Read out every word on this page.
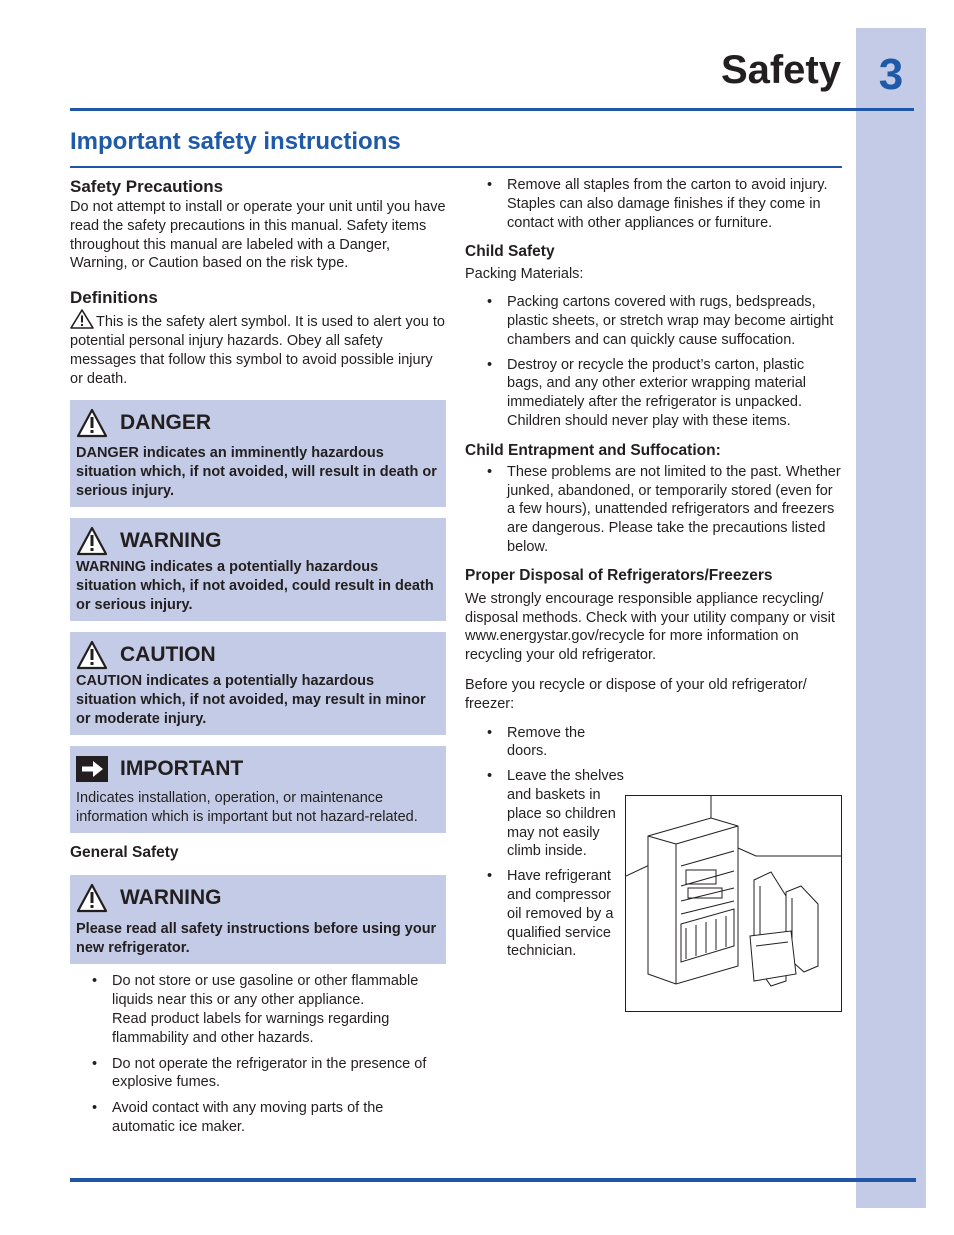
3
Safety
Important safety instructions
Safety Precautions

Do not attempt to install or operate your unit until you have read the safety precautions in this manual. Safety items throughout this manual are labeled with a Danger, Warning, or Caution based on the risk type.

Definitions

This is the safety alert symbol. It is used to alert you to potential personal injury hazards. Obey all safety messages that follow this symbol to avoid possible injury or death.

DANGER
DANGER indicates an imminently hazardous situation which, if not avoided, will result in death or serious injury.
WARNING
WARNING indicates a potentially hazardous situation which, if not avoided, could result in death or serious injury.
CAUTION
CAUTION indicates a potentially hazardous situation which, if not avoided, may result in minor or moderate injury.
IMPORTANT
Indicates installation, operation, or maintenance information which is important but not hazard-related.
General Safety
WARNING
Please read all safety instructions before using your new refrigerator.
• Do not store or use gasoline or other flammable liquids near this or any other appliance.
Read product labels for warnings regarding flammability and other hazards.
• Do not operate the refrigerator in the presence of explosive fumes.
• Avoid contact with any moving parts of the automatic ice maker.
• Remove all staples from the carton to avoid injury. Staples can also damage finishes if they come in contact with other appliances or furniture.
Child Safety

Packing Materials:

• Packing cartons covered with rugs, bedspreads, plastic sheets, or stretch wrap may become airtight chambers and can quickly cause suffocation.
• Destroy or recycle the product’s carton, plastic bags, and any other exterior wrapping material immediately after the refrigerator is unpacked. Children should never play with these items.
Child Entrapment and Suffocation:
• These problems are not limited to the past. Whether junked, abandoned, or temporarily stored (even for a few hours), unattended refrigerators and freezers are dangerous. Please take the precautions listed below.
Proper Disposal of Refrigerators/Freezers

We strongly encourage responsible appliance recycling/ disposal methods. Check with your utility company or visit www.energystar.gov/recycle for more information on recycling your old refrigerator.

Before you recycle or dispose of your old refrigerator/ freezer:

• Remove the doors.
• Leave the shelves and baskets in place so children may not easily climb inside.
• Have refrigerant and compressor oil removed by a qualified service technician.
